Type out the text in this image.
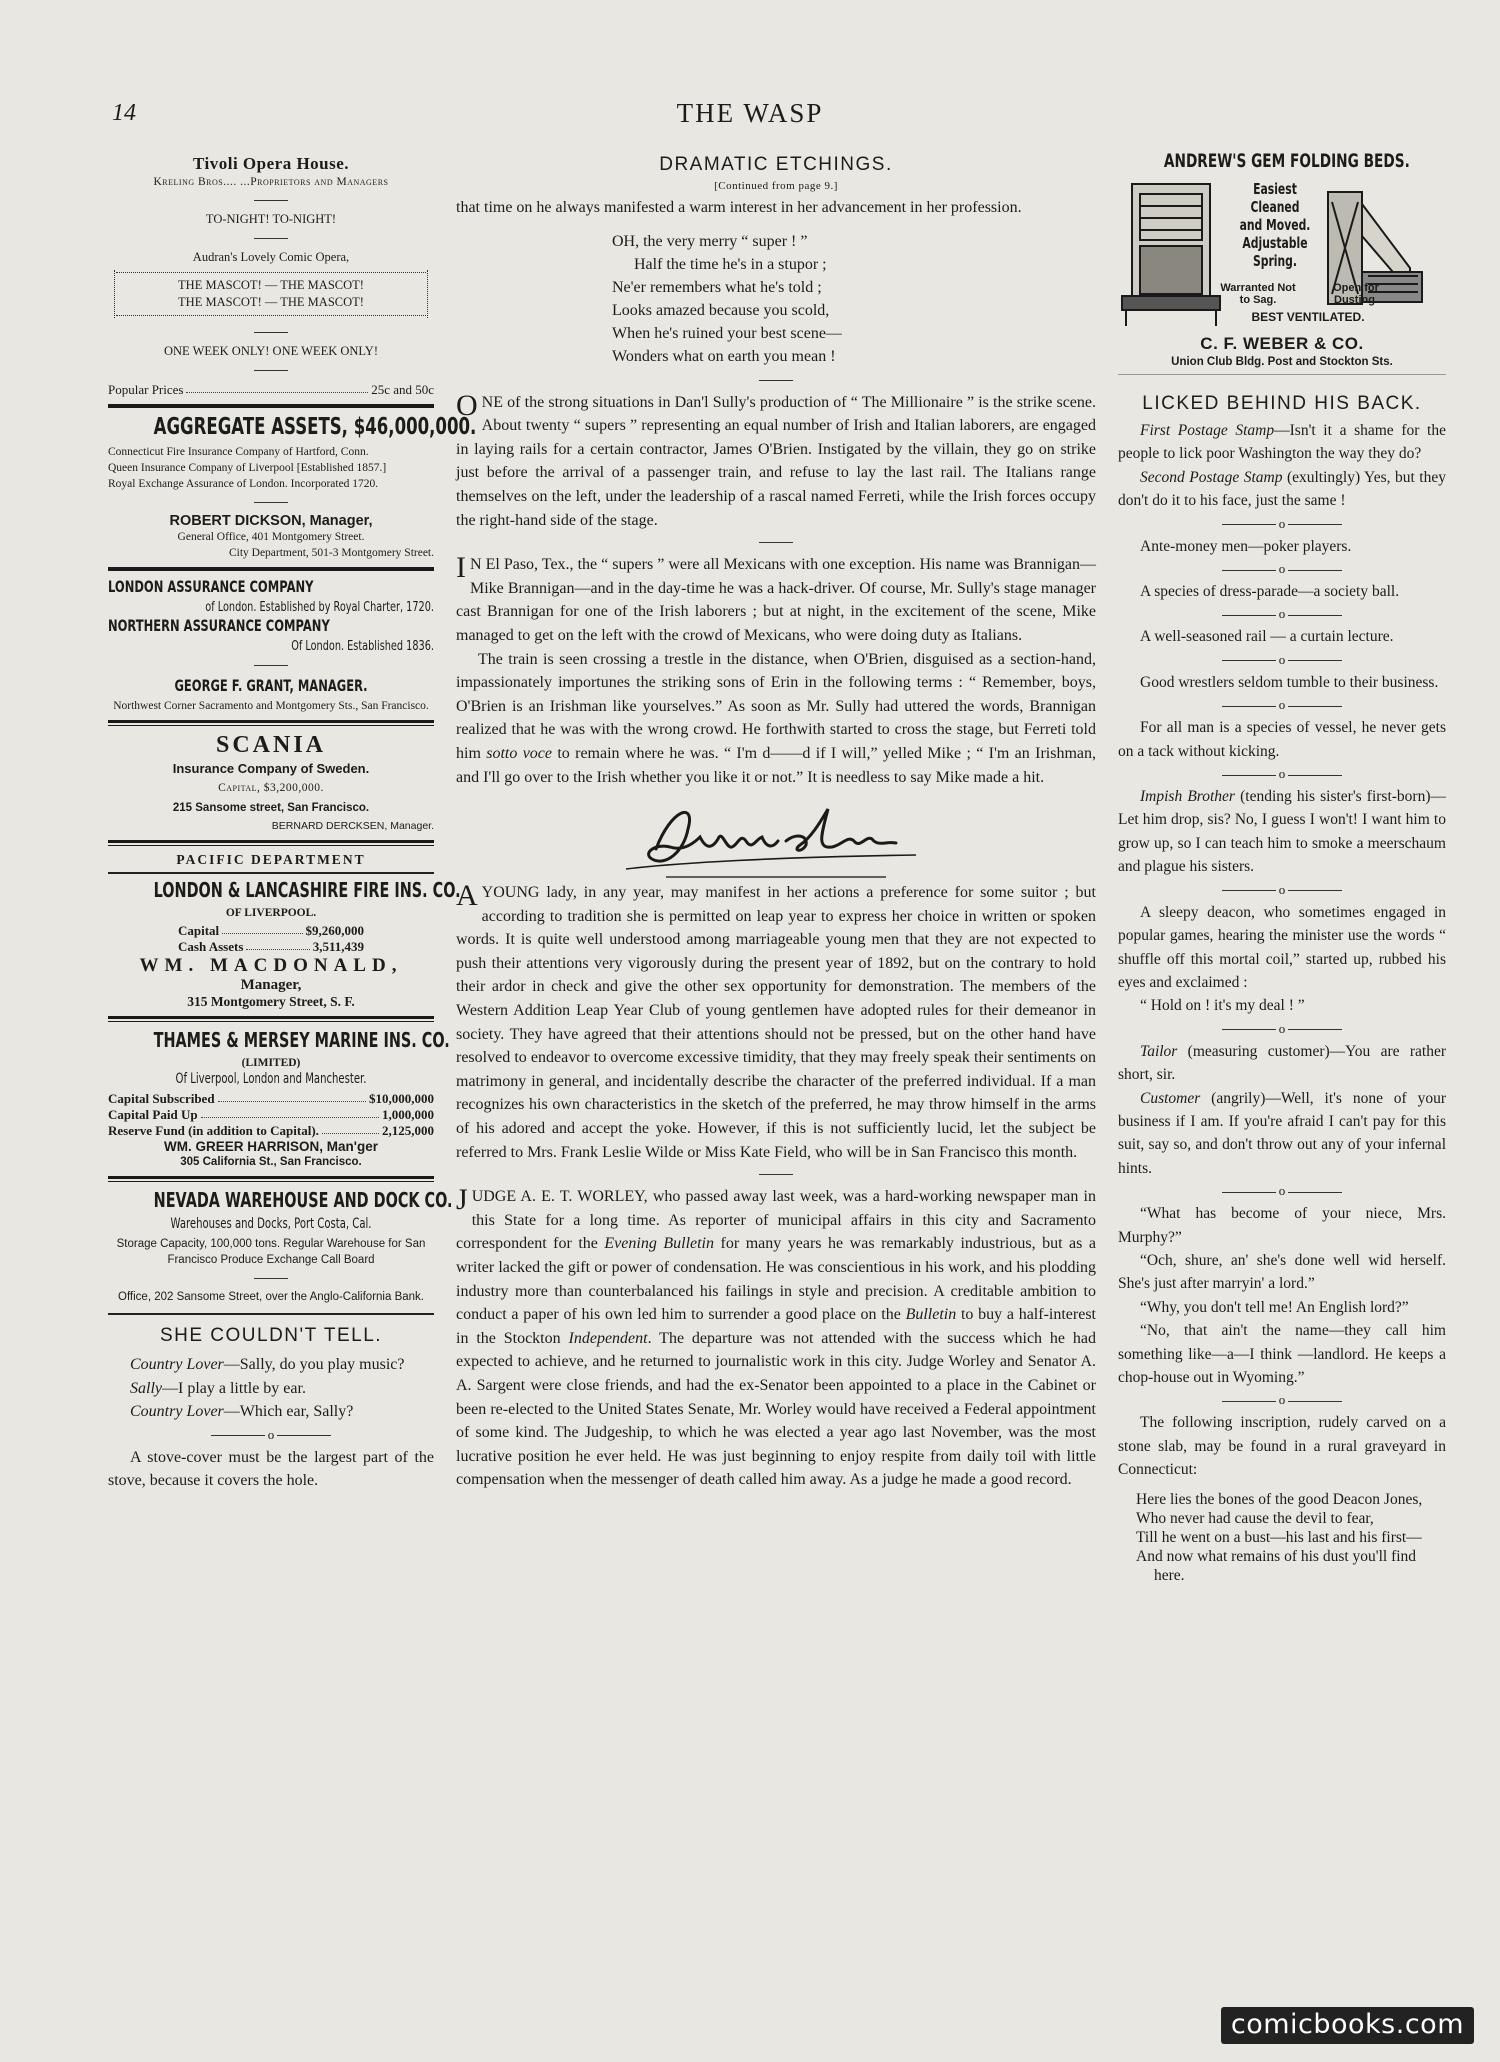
14	THE WASP
Tivoli Opera House.
Kreling Bros.... ...Proprietors and Managers
TO-NIGHT! TO-NIGHT!
Audran's Lovely Comic Opera,
THE MASCOT! — THE MASCOT!
THE MASCOT! — THE MASCOT!
ONE WEEK ONLY! ONE WEEK ONLY!
Popular Prices	25c and 50c
AGGREGATE ASSETS, $46,000,000.
Connecticut Fire Insurance Company of Hartford, Conn.
Queen Insurance Company of Liverpool [Established 1857.]
Royal Exchange Assurance of London. Incorporated 1720.
ROBERT DICKSON, Manager,
General Office, 401 Montgomery Street.
City Department, 501-3 Montgomery Street.
LONDON ASSURANCE COMPANY
of London. Established by Royal Charter, 1720.
NORTHERN ASSURANCE COMPANY
Of London. Established 1836.
GEORGE F. GRANT, MANAGER.
Northwest Corner Sacramento and Montgomery Sts., San Francisco.
SCANIA
Insurance Company of Sweden.
Capital, $3,200,000.
215 Sansome street, San Francisco.
BERNARD DERCKSEN, Manager.
PACIFIC DEPARTMENT
LONDON & LANCASHIRE FIRE INS. CO.
OF LIVERPOOL.
Capital	$9,260,000
Cash Assets	3,511,439
WM. MACDONALD,
Manager,
315 Montgomery Street, S. F.
THAMES & MERSEY MARINE INS. CO.
(LIMITED)
Of Liverpool, London and Manchester.
Capital Subscribed	$10,000,000
Capital Paid Up	1,000,000
Reserve Fund (in addition to Capital).	2,125,000
WM. GREER HARRISON, Man'ger
305 California St., San Francisco.
NEVADA WAREHOUSE AND DOCK CO.
Warehouses and Docks, Port Costa, Cal.
Storage Capacity, 100,000 tons. Regular Warehouse for San Francisco Produce Exchange Call Board
Office, 202 Sansome Street, over the Anglo-California Bank.
SHE COULDN'T TELL.

Country Lover—Sally, do you play music?

Sally—I play a little by ear.

Country Lover—Which ear, Sally?

o

A stove-cover must be the largest part of the stove, because it covers the hole.

DRAMATIC ETCHINGS.
[Continued from page 9.]

that time on he always manifested a warm interest in her advancement in her profession.

OH, the very merry “ super ! ”
Half the time he's in a stupor ;
Ne'er remembers what he's told ;
Looks amazed because you scold,
When he's ruined your best scene—
Wonders what on earth you mean !

ONE of the strong situations in Dan'l Sully's production of “ The Millionaire ” is the strike scene. About twenty “ supers ” representing an equal number of Irish and Italian laborers, are engaged in laying rails for a certain contractor, James O'Brien. Instigated by the villain, they go on strike just before the arrival of a passenger train, and refuse to lay the last rail. The Italians range themselves on the left, under the leadership of a rascal named Ferreti, while the Irish forces occupy the right-hand side of the stage.

IN El Paso, Tex., the “ supers ” were all Mexicans with one exception. His name was Brannigan—Mike Brannigan—and in the day-time he was a hack-driver. Of course, Mr. Sully's stage manager cast Brannigan for one of the Irish laborers ; but at night, in the excitement of the scene, Mike managed to get on the left with the crowd of Mexicans, who were doing duty as Italians.

The train is seen crossing a trestle in the distance, when O'Brien, disguised as a section-hand, impassionately importunes the striking sons of Erin in the following terms : “ Remember, boys, O'Brien is an Irishman like yourselves.” As soon as Mr. Sully had uttered the words, Brannigan realized that he was with the wrong crowd. He forthwith started to cross the stage, but Ferreti told him sotto voce to remain where he was. “ I'm d——d if I will,” yelled Mike ; “ I'm an Irishman, and I'll go over to the Irish whether you like it or not.” It is needless to say Mike made a hit.

AYOUNG lady, in any year, may manifest in her actions a preference for some suitor ; but according to tradition she is permitted on leap year to express her choice in written or spoken words. It is quite well understood among marriageable young men that they are not expected to push their attentions very vigorously during the present year of 1892, but on the contrary to hold their ardor in check and give the other sex opportunity for demonstration. The members of the Western Addition Leap Year Club of young gentlemen have adopted rules for their demeanor in society. They have agreed that their attentions should not be pressed, but on the other hand have resolved to endeavor to overcome excessive timidity, that they may freely speak their sentiments on matrimony in general, and incidentally describe the character of the preferred individual. If a man recognizes his own characteristics in the sketch of the preferred, he may throw himself in the arms of his adored and accept the yoke. However, if this is not sufficiently lucid, let the subject be referred to Mrs. Frank Leslie Wilde or Miss Kate Field, who will be in San Francisco this month.

JUDGE A. E. T. WORLEY, who passed away last week, was a hard-working newspaper man in this State for a long time. As reporter of municipal affairs in this city and Sacramento correspondent for the Evening Bulletin for many years he was remarkably industrious, but as a writer lacked the gift or power of condensation. He was conscientious in his work, and his plodding industry more than counterbalanced his failings in style and precision. A creditable ambition to conduct a paper of his own led him to surrender a good place on the Bulletin to buy a half-interest in the Stockton Independent. The departure was not attended with the success which he had expected to achieve, and he returned to journalistic work in this city. Judge Worley and Senator A. A. Sargent were close friends, and had the ex-Senator been appointed to a place in the Cabinet or been re-elected to the United States Senate, Mr. Worley would have received a Federal appointment of some kind. The Judgeship, to which he was elected a year ago last November, was the most lucrative position he ever held. He was just beginning to enjoy respite from daily toil with little compensation when the messenger of death called him away. As a judge he made a good record.

ANDREW'S GEM FOLDING BEDS.
Easiest
Cleaned
and Moved.
Adjustable
Spring.
Warranted Not to Sag.
Open for Dusting.
BEST VENTILATED.
C. F. WEBER & CO.
Union Club Bldg. Post and Stockton Sts.
LICKED BEHIND HIS BACK.

First Postage Stamp—Isn't it a shame for the people to lick poor Washington the way they do?

Second Postage Stamp (exultingly) Yes, but they don't do it to his face, just the same !

o

Ante-money men—poker players.

o

A species of dress-parade—a society ball.

o

A well-seasoned rail — a curtain lecture.

o

Good wrestlers seldom tumble to their business.

o

For all man is a species of vessel, he never gets on a tack without kicking.

o

Impish Brother (tending his sister's first-born)—Let him drop, sis? No, I guess I won't! I want him to grow up, so I can teach him to smoke a meerschaum and plague his sisters.

o

A sleepy deacon, who sometimes engaged in popular games, hearing the minister use the words “ shuffle off this mortal coil,” started up, rubbed his eyes and exclaimed :

“ Hold on ! it's my deal ! ”

o

Tailor (measuring customer)—You are rather short, sir.

Customer (angrily)—Well, it's none of your business if I am. If you're afraid I can't pay for this suit, say so, and don't throw out any of your infernal hints.

o

“What has become of your niece, Mrs. Murphy?”

“Och, shure, an' she's done well wid herself. She's just after marryin' a lord.”

“Why, you don't tell me! An English lord?”

“No, that ain't the name—they call him something like—a—I think —landlord. He keeps a chop-house out in Wyoming.”

o

The following inscription, rudely carved on a stone slab, may be found in a rural graveyard in Connecticut:

Here lies the bones of the good Deacon Jones,
Who never had cause the devil to fear,
Till he went on a bust—his last and his first—
And now what remains of his dust you'll find here.
comicbooks.com
